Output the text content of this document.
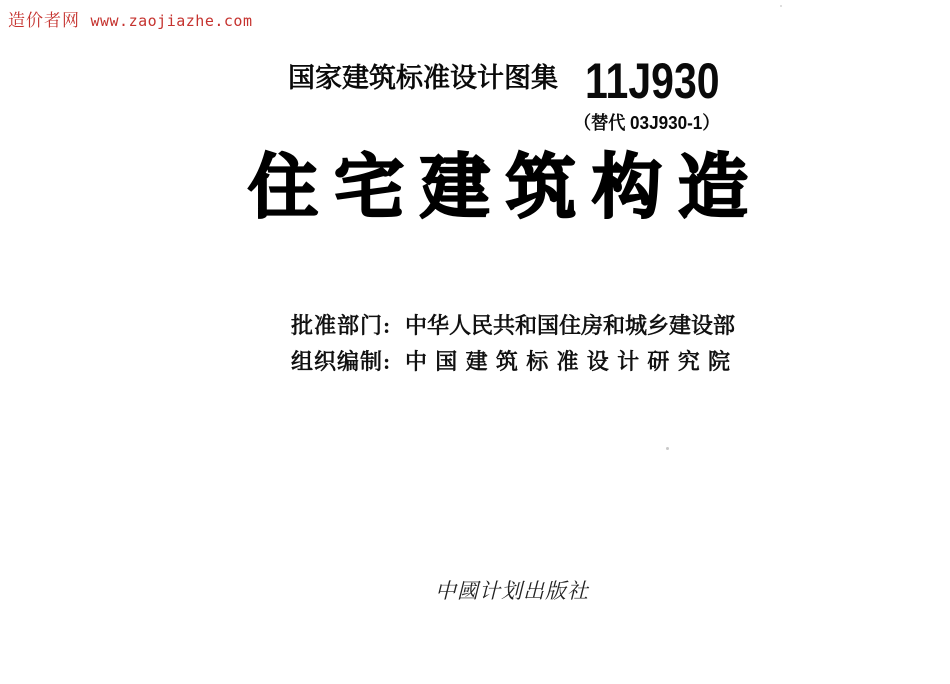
造价者网 www.zaojiazhe.com
国家建筑标准设计图集 11J930
（替代 03J930-1）
住宅建筑构造
批准部门: 中华人民共和国住房和城乡建设部
组织编制: 中国建筑标准设计研究院
中國计划出版社
